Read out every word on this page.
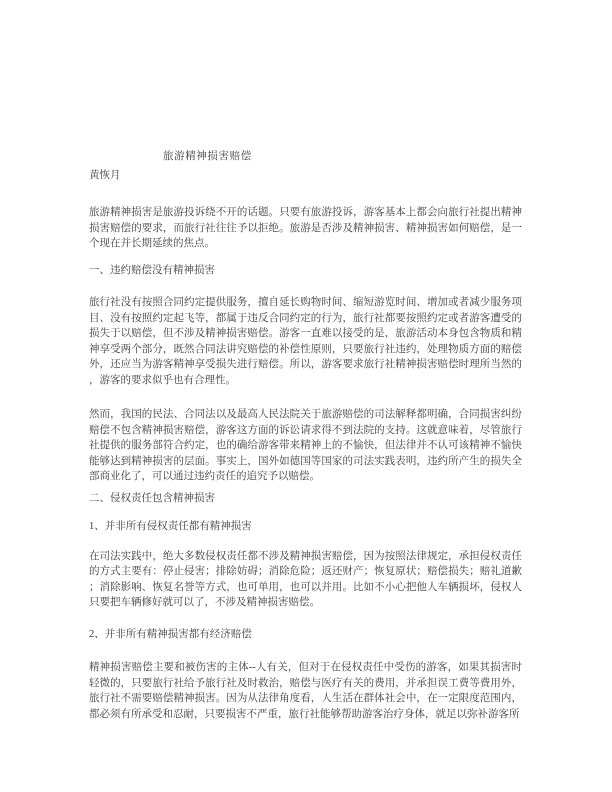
旅游精神损害赔偿
黄恢月

旅游精神损害是旅游投诉绕不开的话题。只要有旅游投诉，游客基本上都会向旅行社提出精神损害赔偿的要求，而旅行社往往予以拒绝。旅游是否涉及精神损害、精神损害如何赔偿，是一个现在并长期延续的焦点。

一、违约赔偿没有精神损害

旅行社没有按照合同约定提供服务，擅自延长购物时间、缩短游览时间、增加或者减少服务项目、没有按照约定起飞等，都属于违反合同约定的行为，旅行社都要按照约定或者游客遭受的损失于以赔偿，但不涉及精神损害赔偿。游客一直难以接受的是，旅游活动本身包含物质和精神享受两个部分，既然合同法讲究赔偿的补偿性原则，只要旅行社违约，处理物质方面的赔偿外，还应当为游客精神享受损失进行赔偿。所以，游客要求旅行社精神损害赔偿时理所当然的，游客的要求似乎也有合理性。

然而，我国的民法、合同法以及最高人民法院关于旅游赔偿的司法解释都明确，合同损害纠纷赔偿不包含精神损害赔偿，游客这方面的诉讼请求得不到法院的支持。这就意味着，尽管旅行社提供的服务部符合约定，也的确给游客带来精神上的不愉快，但法律并不认可该精神不愉快能够达到精神损害的层面。事实上，国外如德国等国家的司法实践表明，违约所产生的损失全部商业化了，可以通过违约责任的追究予以赔偿。

二、侵权责任包含精神损害
1、并非所有侵权责任都有精神损害

在司法实践中，绝大多数侵权责任都不涉及精神损害赔偿，因为按照法律规定，承担侵权责任的方式主要有：停止侵害；排除妨碍；消除危险；返还财产；恢复原状；赔偿损失；赔礼道歉；消除影响、恢复名誉等方式，也可单用，也可以并用。比如不小心把他人车辆损坏，侵权人只要把车辆修好就可以了，不涉及精神损害赔偿。

2、并非所有精神损害都有经济赔偿

精神损害赔偿主要和被伤害的主体--人有关，但对于在侵权责任中受伤的游客，如果其损害时轻微的，只要旅行社给予旅行社及时救治，赔偿与医疗有关的费用，并承担误工费等费用外，旅行社不需要赔偿精神损害。因为从法律角度看，人生活在群体社会中，在一定限度范围内，都必须有所承受和忍耐，只要损害不严重，旅行社能够帮助游客治疗身体，就足以弥补游客所
